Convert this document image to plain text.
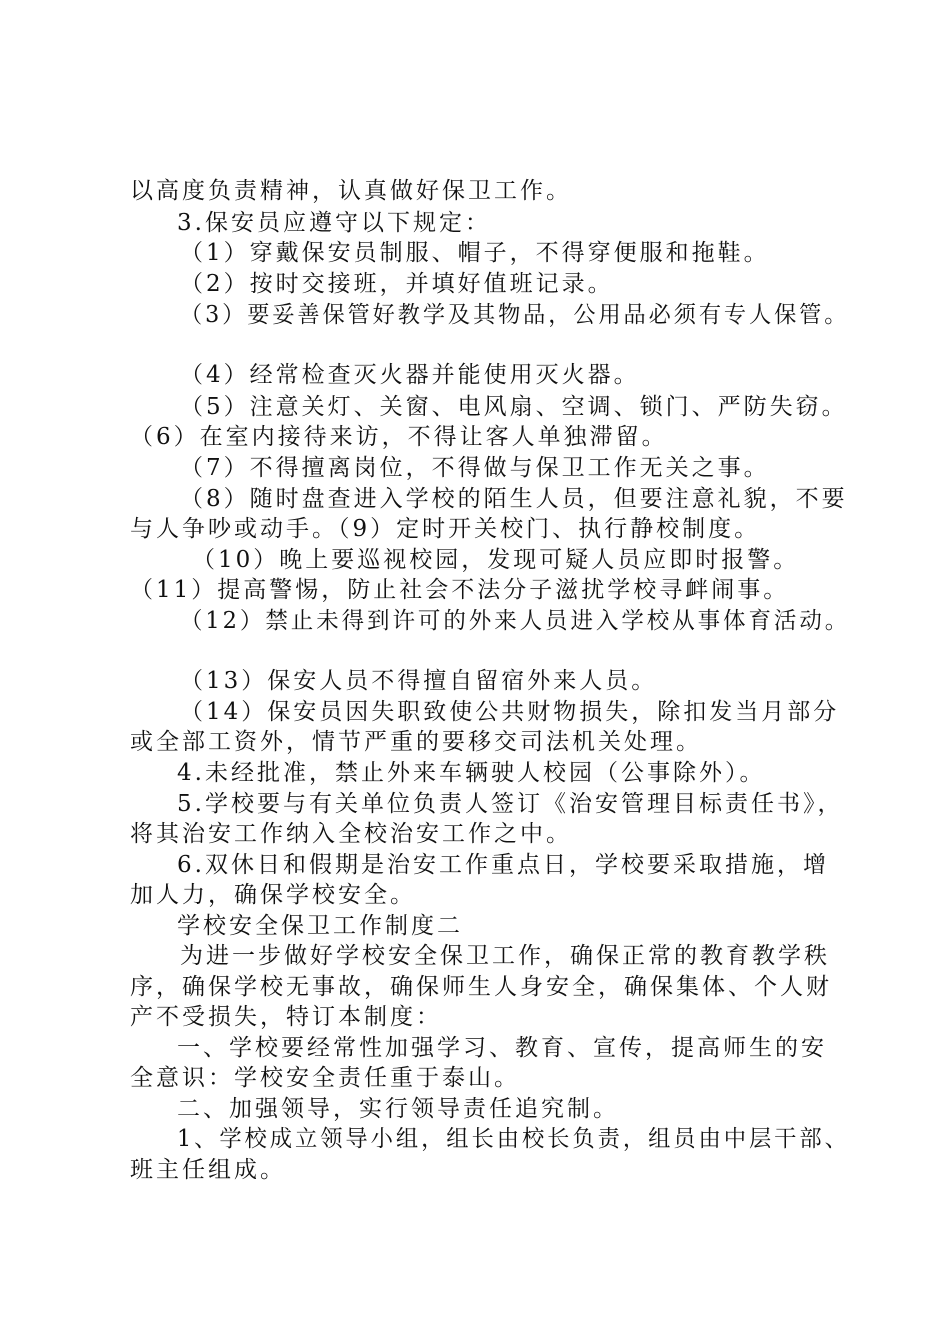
以高度负责精神，认真做好保卫工作。
3.保安员应遵守以下规定：
（1）穿戴保安员制服、帽子，不得穿便服和拖鞋。
（2）按时交接班，并填好值班记录。
（3）要妥善保管好教学及其物品，公用品必须有专人保管。
（4）经常检查灭火器并能使用灭火器。
（5）注意关灯、关窗、电风扇、空调、锁门、严防失窃。
（6）在室内接待来访，不得让客人单独滞留。
（7）不得擅离岗位，不得做与保卫工作无关之事。
（8）随时盘查进入学校的陌生人员，但要注意礼貌，不要
与人争吵或动手。（9）定时开关校门、执行静校制度。
（10）晚上要巡视校园，发现可疑人员应即时报警。
（11）提高警惕，防止社会不法分子滋扰学校寻衅闹事。
（12）禁止未得到许可的外来人员进入学校从事体育活动。
（13）保安人员不得擅自留宿外来人员。
（14）保安员因失职致使公共财物损失，除扣发当月部分
或全部工资外，情节严重的要移交司法机关处理。
4.未经批准，禁止外来车辆驶人校园（公事除外）。
5.学校要与有关单位负责人签订《治安管理目标责任书》，
将其治安工作纳入全校治安工作之中。
6.双休日和假期是治安工作重点日，学校要采取措施，增
加人力，确保学校安全。
学校安全保卫工作制度二
为进一步做好学校安全保卫工作，确保正常的教育教学秩
序，确保学校无事故，确保师生人身安全，确保集体、个人财
产不受损失，特订本制度：
一、学校要经常性加强学习、教育、宣传，提高师生的安
全意识：学校安全责任重于泰山。
二、加强领导，实行领导责任追究制。
1、学校成立领导小组，组长由校长负责，组员由中层干部、
班主任组成。
